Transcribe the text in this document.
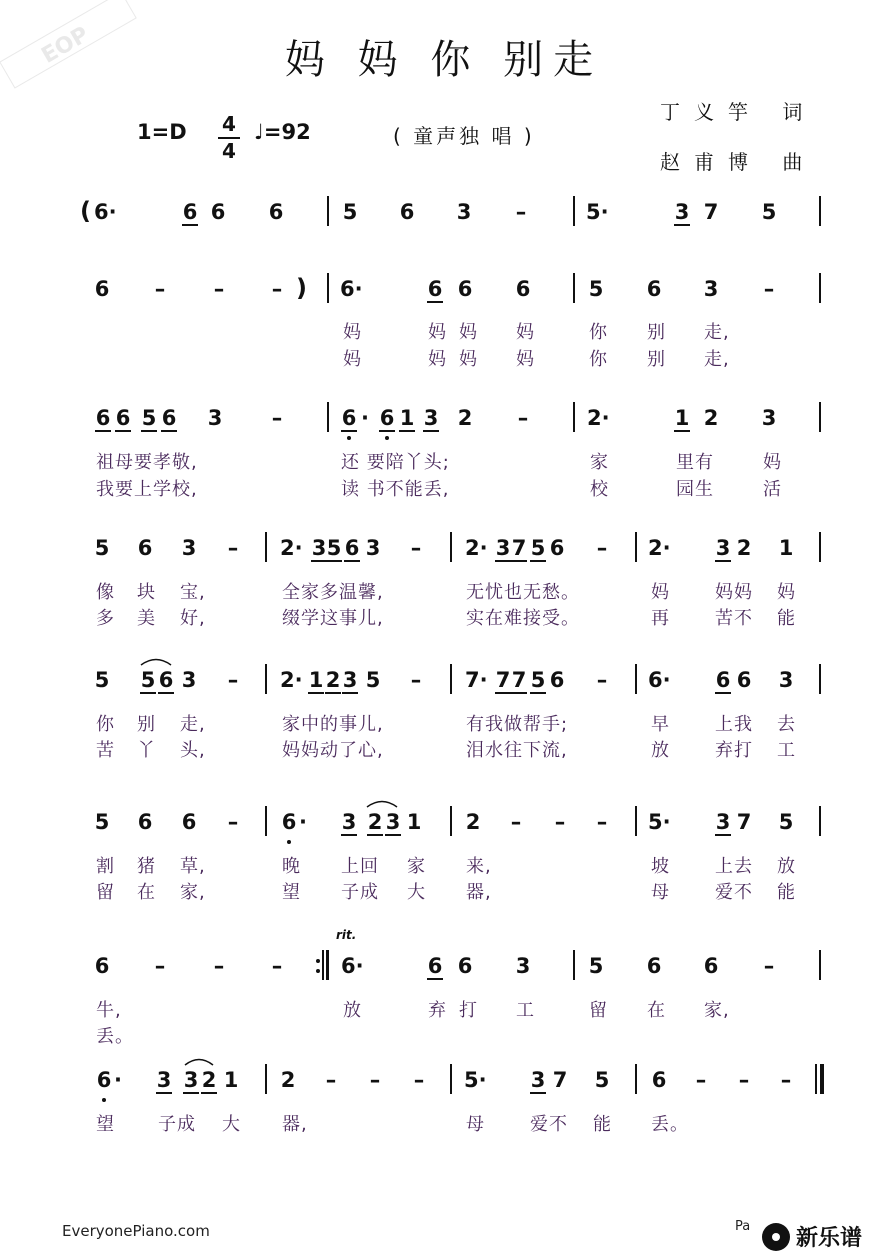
EOP	妈 妈 你 别走
1=D 4
4
♩=92	( 童声独 唱 )
丁义竽 词
赵甫博 曲
( 6·	6 6 6	5 6 3 –	5·	3 7 5
6 – – – ) 6·	6 6 6	5 6 3 –
妈	妈 妈 妈	你 别 走,
妈	妈 妈 妈	你 别 走,
6 6 5 6 3 –	6 · 6 1 3 2 –	2·	1 2 3
祖母要孝敬,	还 要陪丫头;	家	里有	妈
我要上学校,	读 书不能丢,	校	园生	活
5 6 3 – 2· 3 5 6 3 – 2· 3 7 5 6 – 2· 3 2 1
像 块 宝,	全家多温馨,	无忧也无愁。	妈	妈妈 妈
多 美 好,	缀学这事儿,	实在难接受。	再	苦不 能
5 5 6 3 – 2· 1 2 3 5 – 7· 7 7 5 6 – 6· 6 6 3
你 别 走,	家中的事儿,	有我做帮手;	早	上我 去
苦 丫 头,	妈妈动了心,	泪水往下流,	放	弃打 工
5 6 6 – 6 ·	3 2 3 1 2 – – – 5· 3 7 5
割 猪 草,	晚 上回 家 来,	坡	上去 放
留 在 家,	望 子成 大 器,	母	爱不 能
rit.
6 – – –	6·	6 6 3	5 6 6 –
牛,	放	弃 打 工	留 在 家,
丢。
6 ·	3 3 2 1 2 – – – 5· 3 7 5 6 – – –
望 子成 大 器,	母	爱不 能 丢。
EveryonePiano.com	Pa 新乐谱
